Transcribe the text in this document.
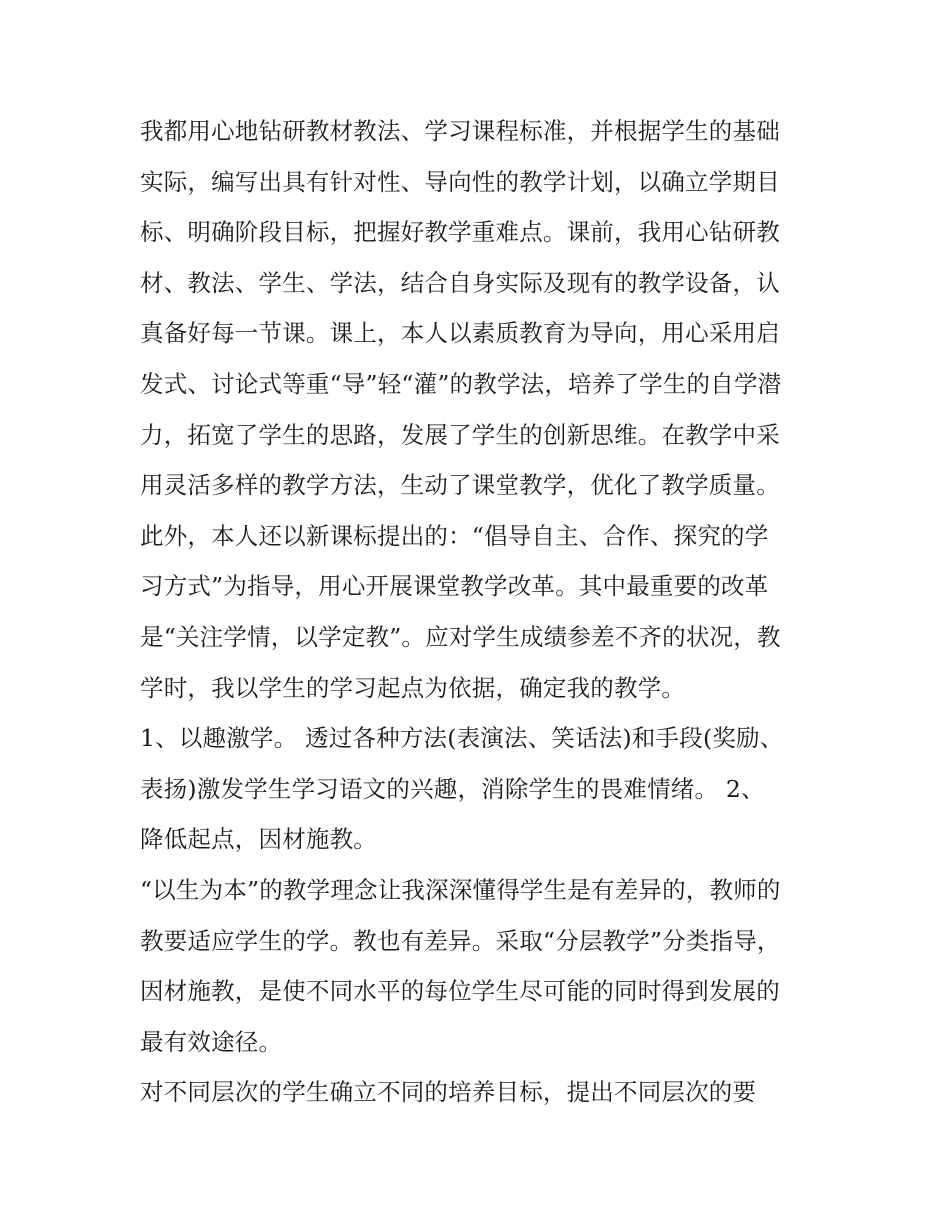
我都用心地钻研教材教法、学习课程标准，并根据学生的基础
实际，编写出具有针对性、导向性的教学计划，以确立学期目
标、明确阶段目标，把握好教学重难点。课前，我用心钻研教
材、教法、学生、学法，结合自身实际及现有的教学设备，认
真备好每一节课。课上，本人以素质教育为导向，用心采用启
发式、讨论式等重“导”轻“灌”的教学法，培养了学生的自学潜
力，拓宽了学生的思路，发展了学生的创新思维。在教学中采
用灵活多样的教学方法，生动了课堂教学，优化了教学质量。
此外，本人还以新课标提出的：“倡导自主、合作、探究的学
习方式”为指导，用心开展课堂教学改革。其中最重要的改革
是“关注学情，以学定教”。应对学生成绩参差不齐的状况，教
学时，我以学生的学习起点为依据，确定我的教学。
1、以趣激学。 透过各种方法(表演法、笑话法)和手段(奖励、
表扬)激发学生学习语文的兴趣，消除学生的畏难情绪。 2、
降低起点，因材施教。
“以生为本”的教学理念让我深深懂得学生是有差异的，教师的
教要适应学生的学。教也有差异。采取“分层教学”分类指导，
因材施教，是使不同水平的每位学生尽可能的同时得到发展的
最有效途径。
对不同层次的学生确立不同的培养目标，提出不同层次的要
